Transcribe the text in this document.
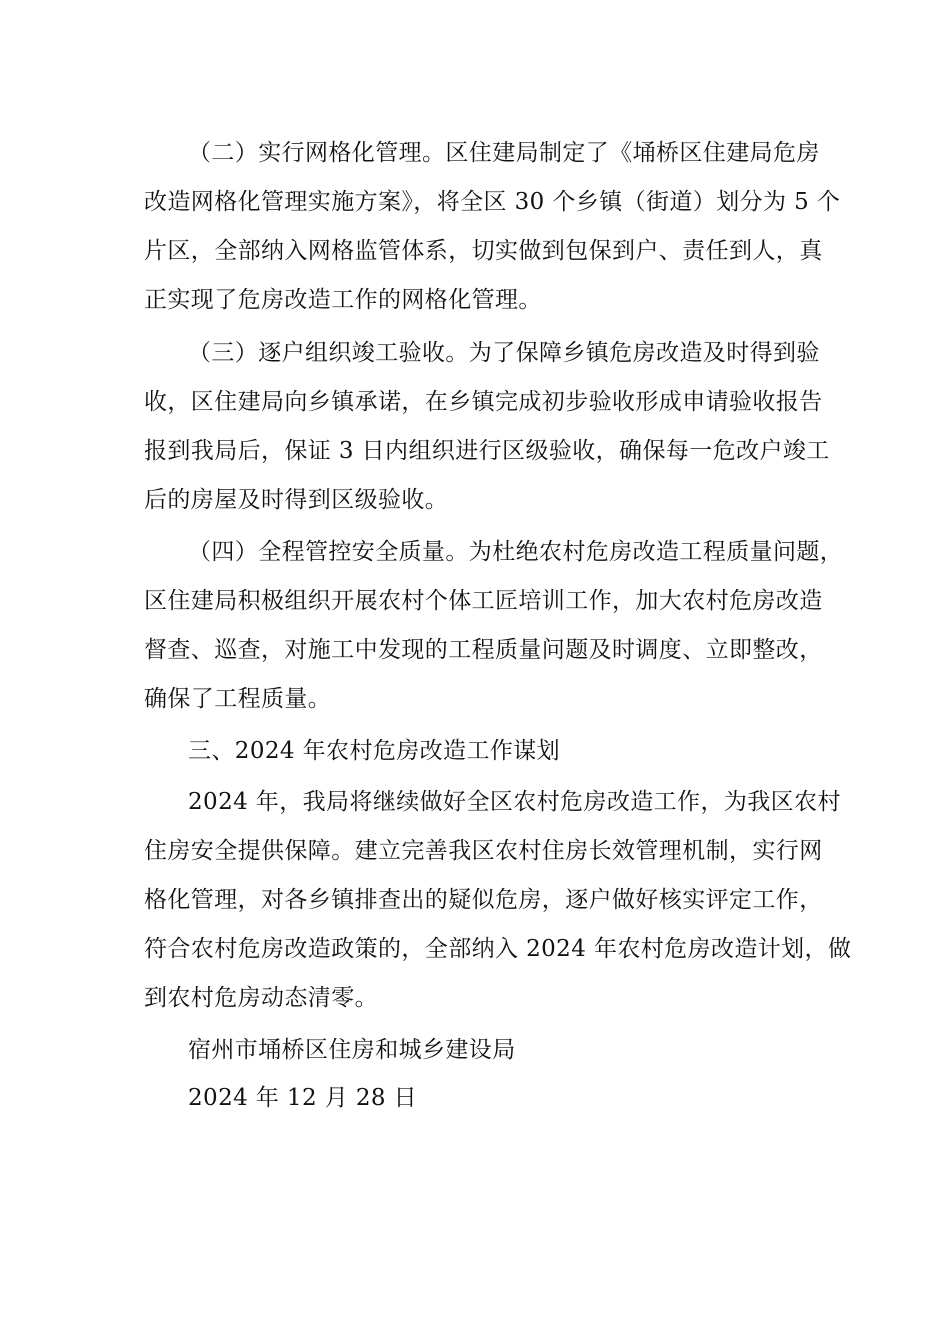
（二）实行网格化管理。区住建局制定了《埇桥区住建局危房
改造网格化管理实施方案》，将全区 30 个乡镇（街道）划分为 5 个
片区，全部纳入网格监管体系，切实做到包保到户、责任到人，真
正实现了危房改造工作的网格化管理。
（三）逐户组织竣工验收。为了保障乡镇危房改造及时得到验
收，区住建局向乡镇承诺，在乡镇完成初步验收形成申请验收报告
报到我局后，保证 3 日内组织进行区级验收，确保每一危改户竣工
后的房屋及时得到区级验收。
（四）全程管控安全质量。为杜绝农村危房改造工程质量问题，
区住建局积极组织开展农村个体工匠培训工作，加大农村危房改造
督查、巡查，对施工中发现的工程质量问题及时调度、立即整改，
确保了工程质量。
三、2024 年农村危房改造工作谋划
2024 年，我局将继续做好全区农村危房改造工作，为我区农村
住房安全提供保障。建立完善我区农村住房长效管理机制，实行网
格化管理，对各乡镇排查出的疑似危房，逐户做好核实评定工作，
符合农村危房改造政策的，全部纳入 2024 年农村危房改造计划，做
到农村危房动态清零。
宿州市埇桥区住房和城乡建设局
2024 年 12 月 28 日
